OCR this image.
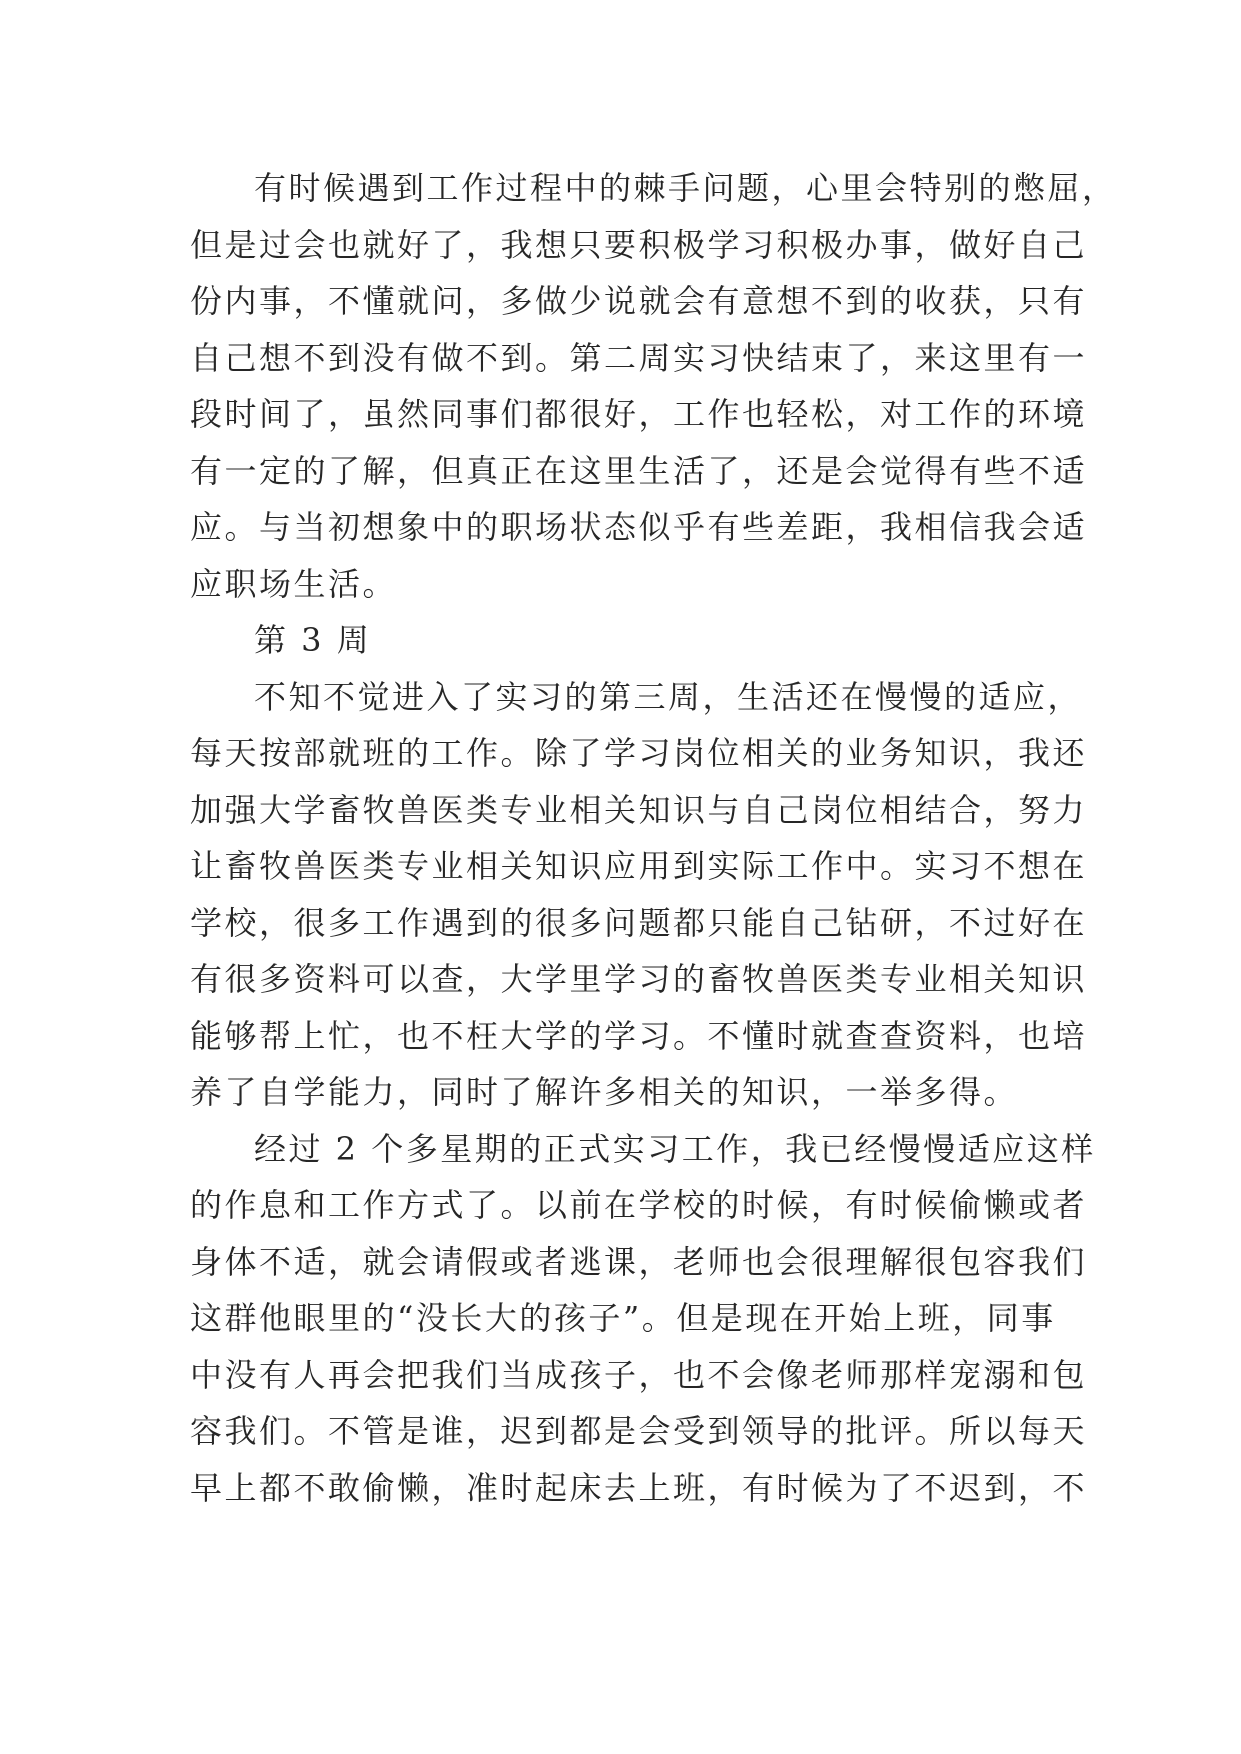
有时候遇到工作过程中的棘手问题，心里会特别的憋屈，
但是过会也就好了，我想只要积极学习积极办事，做好自己
份内事，不懂就问，多做少说就会有意想不到的收获，只有
自己想不到没有做不到。第二周实习快结束了，来这里有一
段时间了，虽然同事们都很好，工作也轻松，对工作的环境
有一定的了解，但真正在这里生活了，还是会觉得有些不适
应。与当初想象中的职场状态似乎有些差距，我相信我会适
应职场生活。
第 3 周
不知不觉进入了实习的第三周，生活还在慢慢的适应，
每天按部就班的工作。除了学习岗位相关的业务知识，我还
加强大学畜牧兽医类专业相关知识与自己岗位相结合，努力
让畜牧兽医类专业相关知识应用到实际工作中。实习不想在
学校，很多工作遇到的很多问题都只能自己钻研，不过好在
有很多资料可以查，大学里学习的畜牧兽医类专业相关知识
能够帮上忙，也不枉大学的学习。不懂时就查查资料，也培
养了自学能力，同时了解许多相关的知识，一举多得。
经过 2 个多星期的正式实习工作，我已经慢慢适应这样
的作息和工作方式了。以前在学校的时候，有时候偷懒或者
身体不适，就会请假或者逃课，老师也会很理解很包容我们
这群他眼里的“没长大的孩子”。但是现在开始上班，同事
中没有人再会把我们当成孩子，也不会像老师那样宠溺和包
容我们。不管是谁，迟到都是会受到领导的批评。所以每天
早上都不敢偷懒，准时起床去上班，有时候为了不迟到，不
